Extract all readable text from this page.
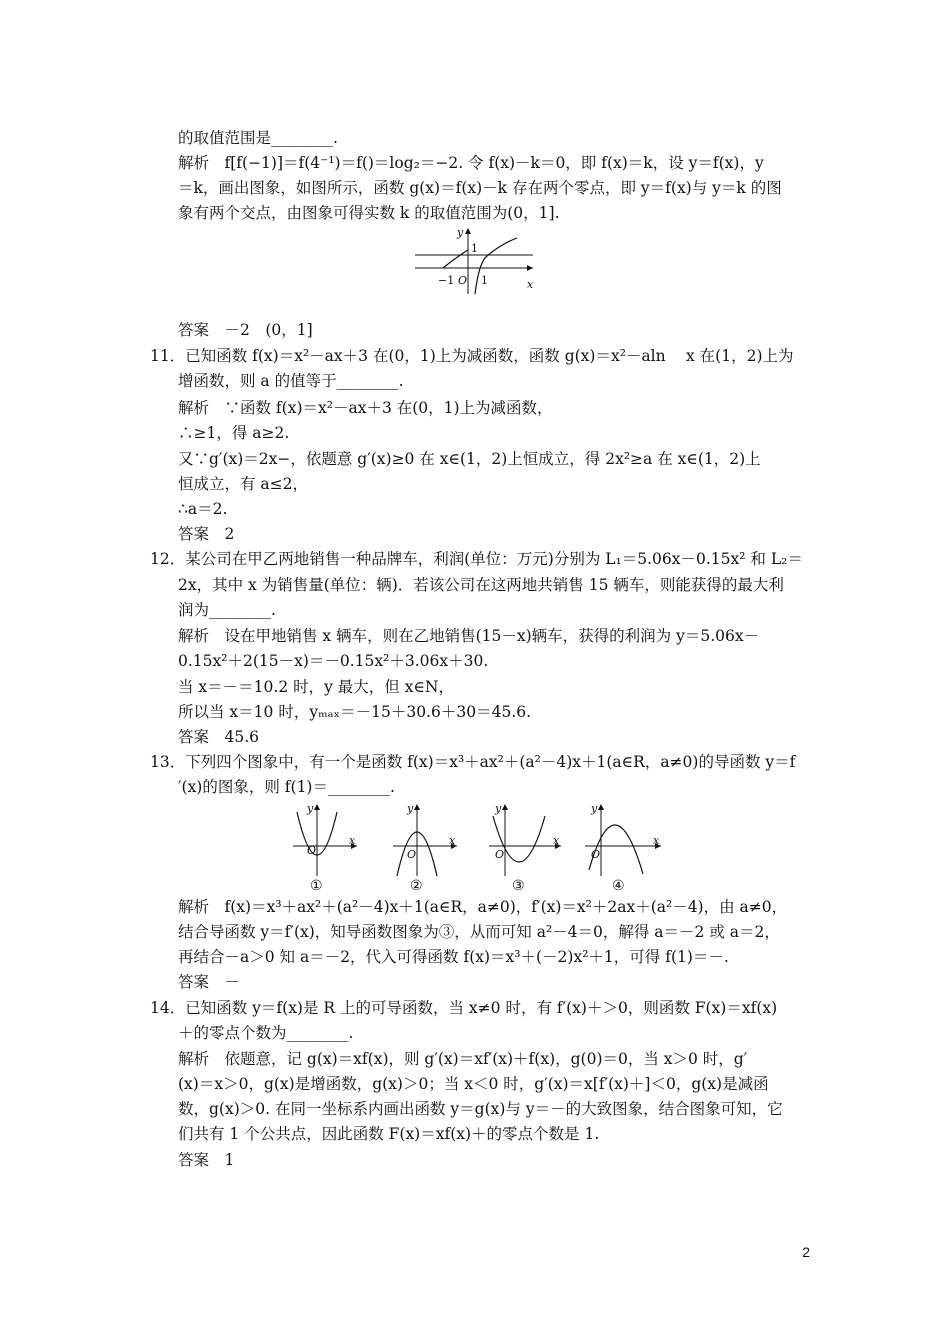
的取值范围是________.
解析　f[f(−1)]＝f(4⁻¹)＝f()＝log₂＝−2. 令 f(x)－k＝0，即 f(x)＝k，设 y＝f(x)，y
＝k，画出图象，如图所示，函数 g(x)＝f(x)－k 存在两个零点，即 y＝f(x)与 y＝k 的图
象有两个交点，由图象可得实数 k 的取值范围为(0，1].
y
1
−1 O 1	x
答案　－2　(0，1]
11．已知函数 f(x)＝x²－ax＋3 在(0，1)上为减函数，函数 g(x)＝x²－aln　 x 在(1，2)上为
增函数，则 a 的值等于________.
解析　∵函数 f(x)＝x²－ax＋3 在(0，1)上为减函数，
∴≥1，得 a≥2.
又∵g′(x)＝2x−，依题意 g′(x)≥0 在 x∈(1，2)上恒成立，得 2x²≥a 在 x∈(1，2)上
恒成立，有 a≤2，
∴a＝2.
答案　2
12．某公司在甲乙两地销售一种品牌车，利润(单位：万元)分别为 L₁＝5.06x－0.15x² 和 L₂＝
2x，其中 x 为销售量(单位：辆)．若该公司在这两地共销售 15 辆车，则能获得的最大利
润为________.
解析　设在甲地销售 x 辆车，则在乙地销售(15－x)辆车，获得的利润为 y＝5.06x－
0.15x²＋2(15－x)＝－0.15x²＋3.06x＋30.
当 x＝－＝10.2 时，y 最大，但 x∈N，
所以当 x＝10 时，yₘₐₓ＝－15＋30.6＋30＝45.6.
答案　45.6
13．下列四个图象中，有一个是函数 f(x)＝x³＋ax²＋(a²－4)x＋1(a∈R，a≠0)的导函数 y＝f
′(x)的图象，则 f(1)＝________.
y
O
x
①
y
O
x
②
y
O
x
③
y
O
x
④
解析　f(x)＝x³＋ax²＋(a²－4)x＋1(a∈R，a≠0)，f′(x)＝x²＋2ax＋(a²－4)，由 a≠0，
结合导函数 y＝f′(x)，知导函数图象为③，从而可知 a²－4＝0，解得 a＝－2 或 a＝2，
再结合－a＞0 知 a＝－2，代入可得函数 f(x)＝x³＋(－2)x²＋1，可得 f(1)＝－.
答案　－
14．已知函数 y＝f(x)是 R 上的可导函数，当 x≠0 时，有 f′(x)＋＞0，则函数 F(x)＝xf(x)
＋的零点个数为________.
解析　依题意，记 g(x)＝xf(x)，则 g′(x)＝xf′(x)＋f(x)，g(0)＝0，当 x＞0 时，g′
(x)＝x＞0，g(x)是增函数，g(x)＞0；当 x＜0 时，g′(x)＝x[f′(x)＋]＜0，g(x)是减函
数，g(x)＞0. 在同一坐标系内画出函数 y＝g(x)与 y＝－的大致图象，结合图象可知，它
们共有 1 个公共点，因此函数 F(x)＝xf(x)＋的零点个数是 1.
答案　1
2
